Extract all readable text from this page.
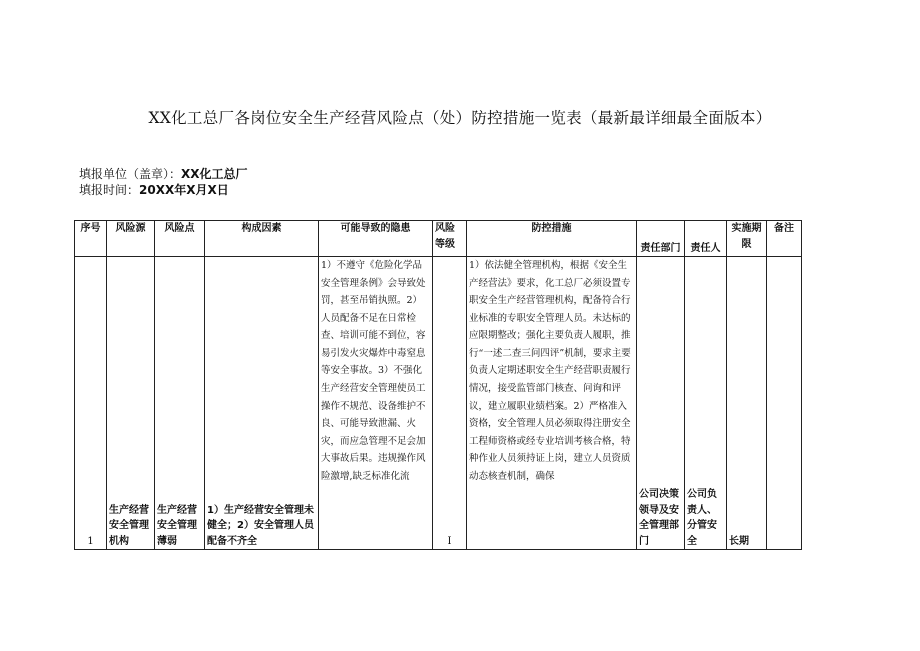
XX化工总厂各岗位安全生产经营风险点（处）防控措施一览表（最新最详细最全面版本）
填报单位（盖章）：XX化工总厂
填报时间：20XX年X月X日
序号	风险源	风险点	构成因素	可能导致的隐患	风险等级	防控措施	责任部门	责任人	实施期限	备注
1	生产经营安全管理机构	生产经营安全管理薄弱	1）生产经营安全管理未健全；2）安全管理人员配备不齐全	1）不遵守《危险化学品安全管理条例》会导致处罚，甚至吊销执照。2）人员配备不足在日常检查、培训可能不到位，容易引发火灾爆炸中毒窒息等安全事故。3）不强化生产经营安全管理使员工操作不规范、设备维护不良、可能导致泄漏、火灾，而应急管理不足会加大事故后果。违规操作风险激增,缺乏标准化流	I	1）依法健全管理机构，根据《安全生产经营法》要求，化工总厂必须设置专职安全生产经营管理机构，配备符合行业标准的专职安全管理人员。未达标的应限期整改；强化主要负责人履职，推行“一述二查三问四评”机制，要求主要负责人定期述职安全生产经营职责履行情况，接受监管部门核查、问询和评议，建立履职业绩档案。2）严格准入资格，安全管理人员必须取得注册安全工程师资格或经专业培训考核合格，特种作业人员须持证上岗，建立人员资质动态核查机制，确保	公司决策领导及安全管理部门	公司负责人、分管安全	长期	
